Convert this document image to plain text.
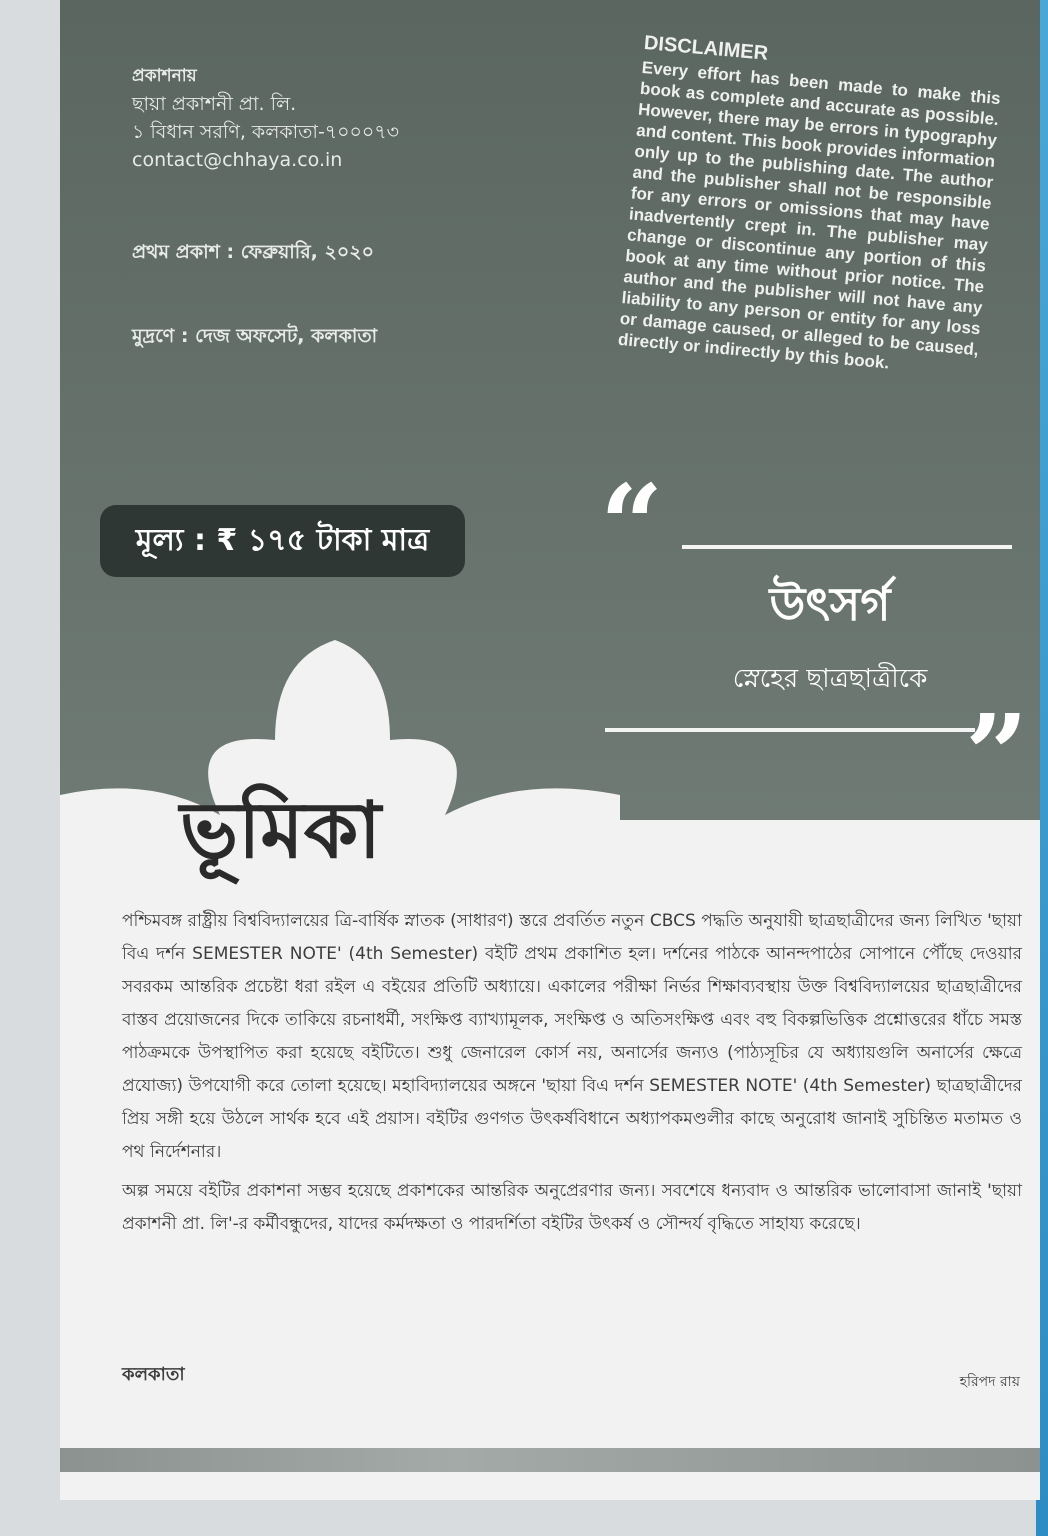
প্রকাশনায়
ছায়া প্রকাশনী প্রা. লি.
১ বিধান সরণি, কলকাতা-৭০০০৭৩
contact@chhaya.co.in
প্রথম প্রকাশ : ফেব্রুয়ারি, ২০২০
মুদ্রণে : দেজ অফসেট, কলকাতা
DISCLAIMER

Every effort has been made to make this book as complete and accurate as possible. However, there may be errors in typography and content. This book provides information only up to the publishing date. The author and the publisher shall not be responsible for any errors or omissions that may have inadvertently crept in. The publisher may change or discontinue any portion of this book at any time without prior notice. The author and the publisher will not have any liability to any person or entity for any loss or damage caused, or alleged to be caused, directly or indirectly by this book.

মূল্য : ₹ ১৭৫ টাকা মাত্র “
উৎসর্গ
স্নেহের ছাত্রছাত্রীকে
”
ভূমিকা

পশ্চিমবঙ্গ রাষ্ট্রীয় বিশ্ববিদ্যালয়ের ত্রি-বার্ষিক স্নাতক (সাধারণ) স্তরে প্রবর্তিত নতুন CBCS পদ্ধতি অনুযায়ী ছাত্রছাত্রীদের জন্য লিখিত 'ছায়া বিএ দর্শন SEMESTER NOTE' (4th Semester) বইটি প্রথম প্রকাশিত হল। দর্শনের পাঠকে আনন্দপাঠের সোপানে পৌঁছে দেওয়ার সবরকম আন্তরিক প্রচেষ্টা ধরা রইল এ বইয়ের প্রতিটি অধ্যায়ে। একালের পরীক্ষা নির্ভর শিক্ষাব্যবস্থায় উক্ত বিশ্ববিদ্যালয়ের ছাত্রছাত্রীদের বাস্তব প্রয়োজনের দিকে তাকিয়ে রচনাধর্মী, সংক্ষিপ্ত ব্যাখ্যামূলক, সংক্ষিপ্ত ও অতিসংক্ষিপ্ত এবং বহু বিকল্পভিত্তিক প্রশ্নোত্তরের ধাঁচে সমস্ত পাঠক্রমকে উপস্থাপিত করা হয়েছে বইটিতে। শুধু জেনারেল কোর্স নয়, অনার্সের জন্যও (পাঠ্যসূচির যে অধ্যায়গুলি অনার্সের ক্ষেত্রে প্রযোজ্য) উপযোগী করে তোলা হয়েছে। মহাবিদ্যালয়ের অঙ্গনে 'ছায়া বিএ দর্শন SEMESTER NOTE' (4th Semester) ছাত্রছাত্রীদের প্রিয় সঙ্গী হয়ে উঠলে সার্থক হবে এই প্রয়াস। বইটির গুণগত উৎকর্ষবিধানে অধ্যাপকমণ্ডলীর কাছে অনুরোধ জানাই সুচিন্তিত মতামত ও পথ নির্দেশনার।

অল্প সময়ে বইটির প্রকাশনা সম্ভব হয়েছে প্রকাশকের আন্তরিক অনুপ্রেরণার জন্য। সবশেষে ধন্যবাদ ও আন্তরিক ভালোবাসা জানাই 'ছায়া প্রকাশনী প্রা. লি'-র কর্মীবন্ধুদের, যাদের কর্মদক্ষতা ও পারদর্শিতা বইটির উৎকর্ষ ও সৌন্দর্য বৃদ্ধিতে সাহায্য করেছে।

কলকাতা	হরিপদ রায়
